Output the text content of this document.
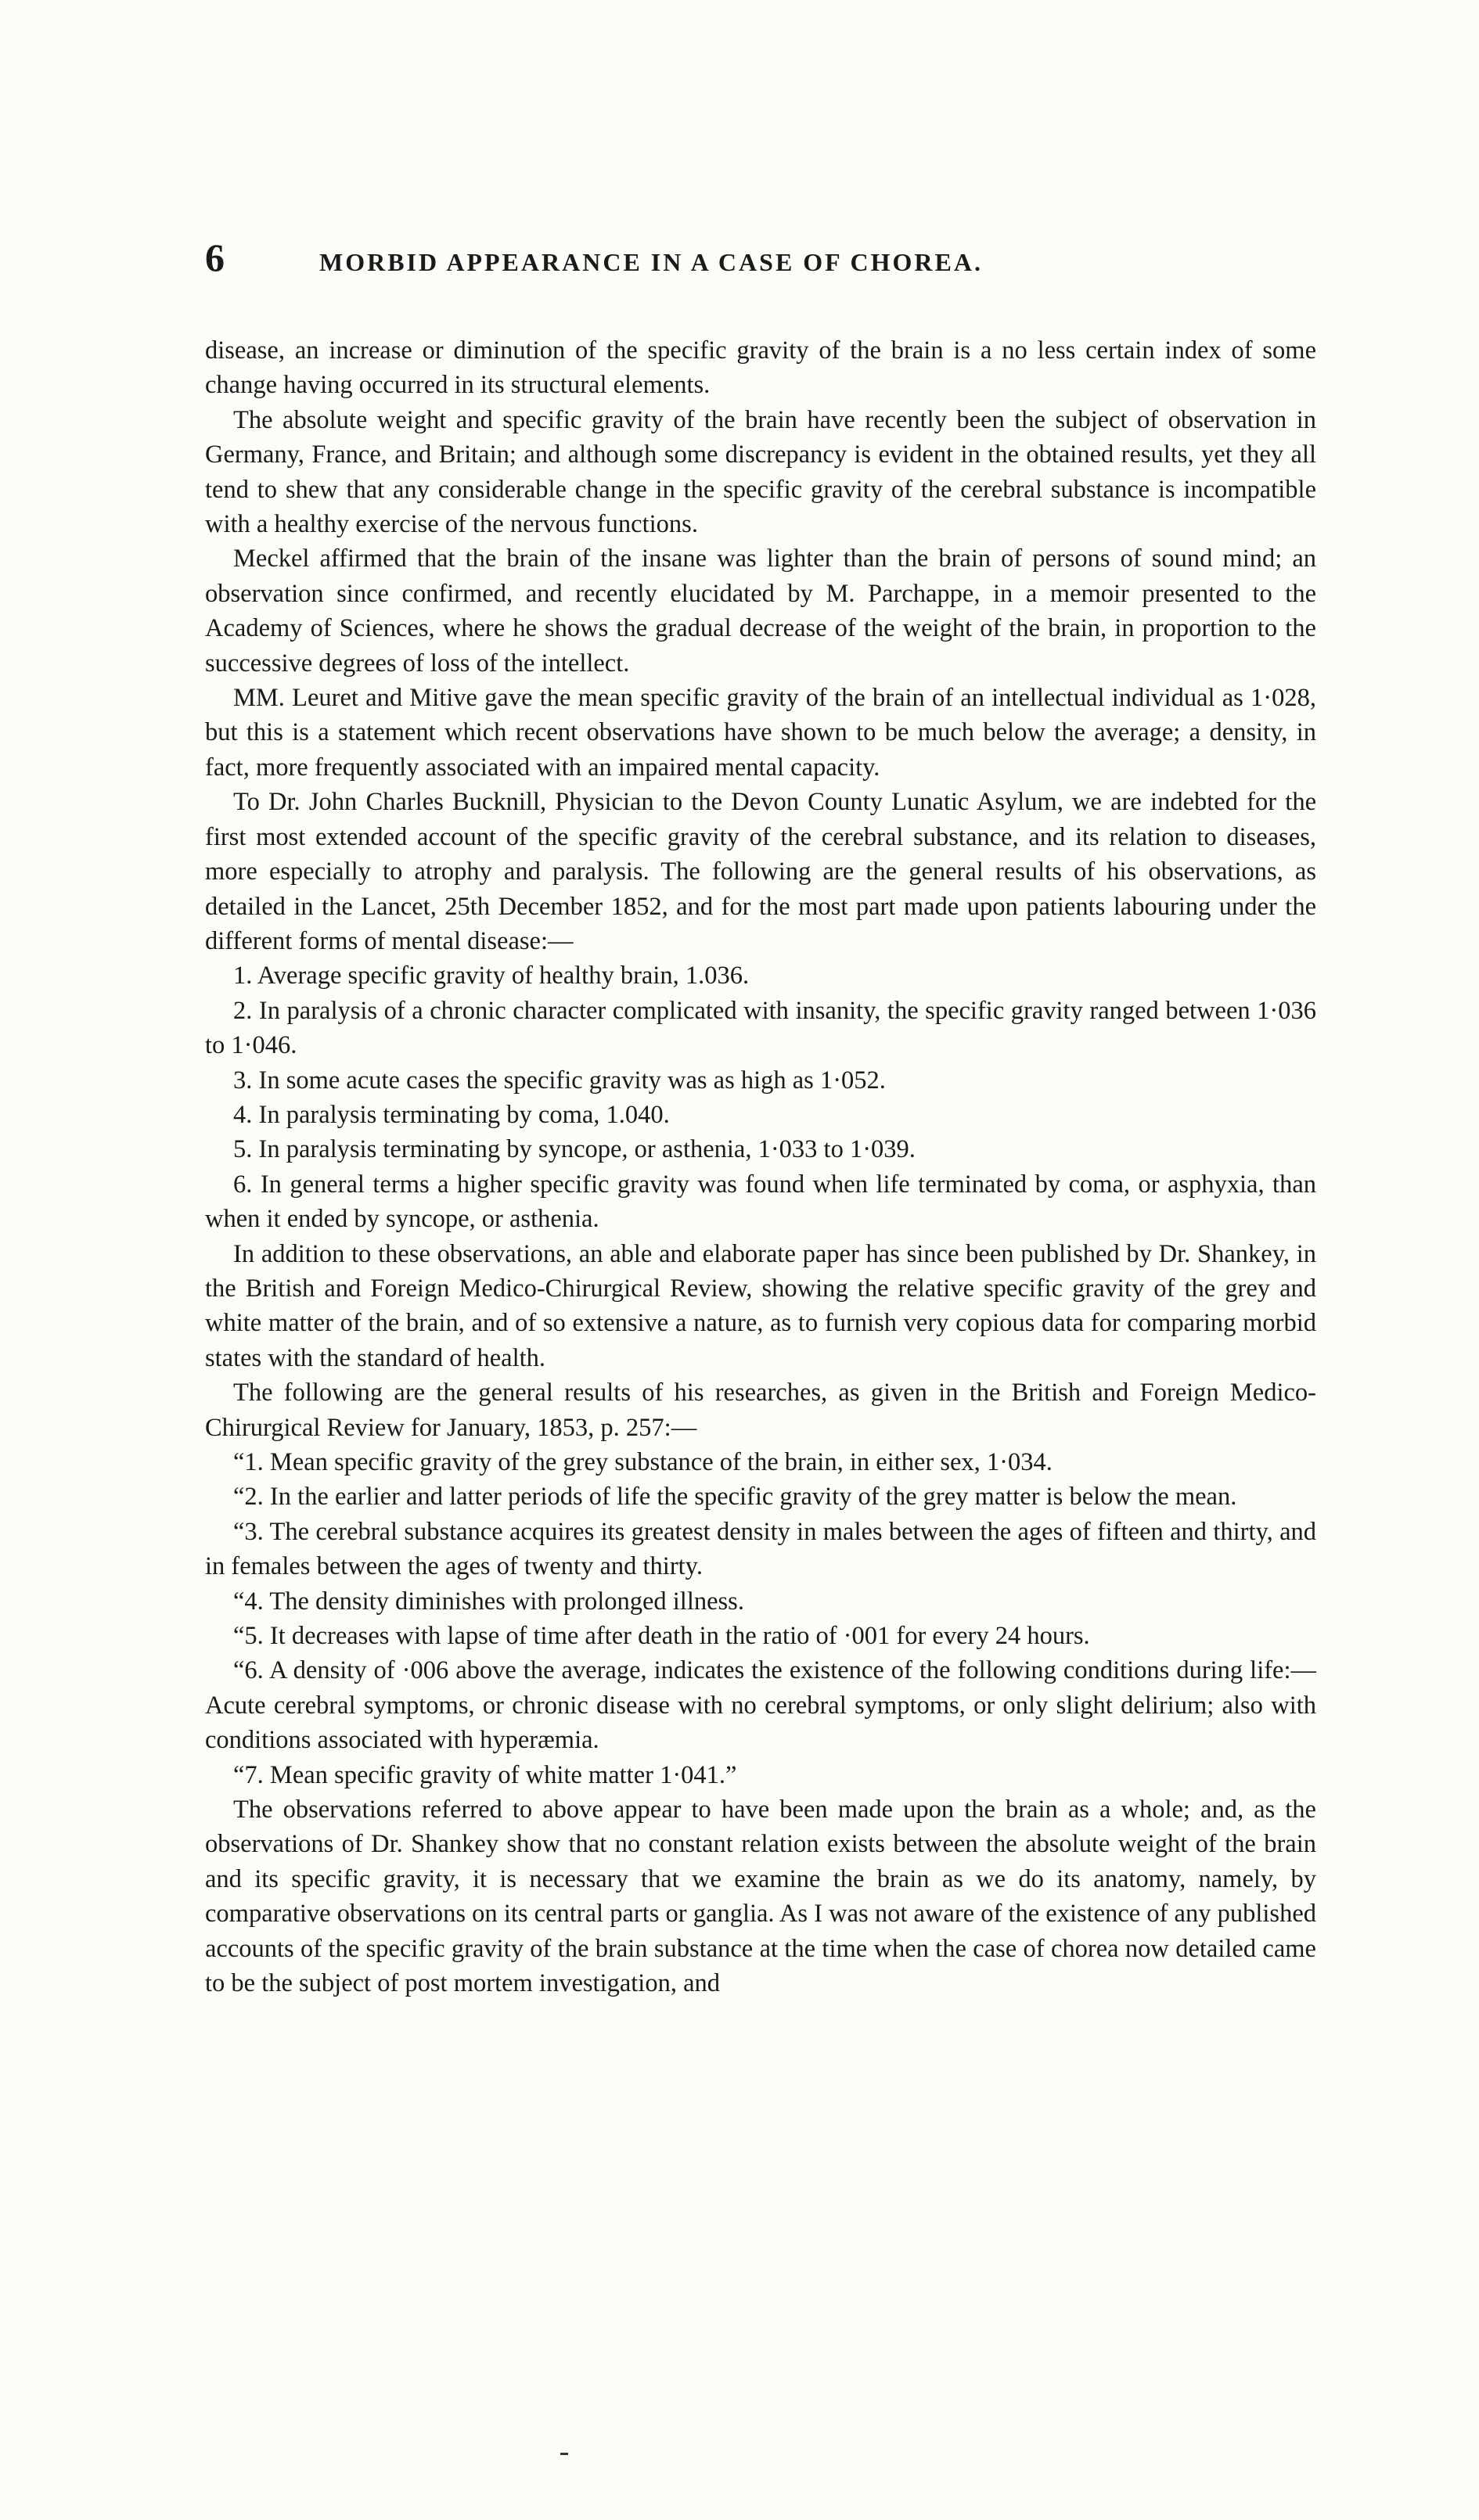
6	MORBID APPEARANCE IN A CASE OF CHOREA.

disease, an increase or diminution of the specific gravity of the brain is a no less certain index of some change having occurred in its structural elements.

The absolute weight and specific gravity of the brain have recently been the subject of observation in Germany, France, and Britain; and although some discrepancy is evident in the obtained results, yet they all tend to shew that any considerable change in the specific gravity of the cerebral substance is incompatible with a healthy exercise of the nervous functions.

Meckel affirmed that the brain of the insane was lighter than the brain of persons of sound mind; an observation since confirmed, and recently elucidated by M. Parchappe, in a memoir presented to the Academy of Sciences, where he shows the gradual decrease of the weight of the brain, in proportion to the successive degrees of loss of the intellect.

MM. Leuret and Mitive gave the mean specific gravity of the brain of an intellectual individual as 1·028, but this is a statement which recent observations have shown to be much below the average; a density, in fact, more frequently associated with an impaired mental capacity.

To Dr. John Charles Bucknill, Physician to the Devon County Lunatic Asylum, we are indebted for the first most extended account of the specific gravity of the cerebral substance, and its relation to diseases, more especially to atrophy and paralysis. The following are the general results of his observations, as detailed in the Lancet, 25th December 1852, and for the most part made upon patients labouring under the different forms of mental disease:—

1. Average specific gravity of healthy brain, 1.036.

2. In paralysis of a chronic character complicated with insanity, the specific gravity ranged between 1·036 to 1·046.

3. In some acute cases the specific gravity was as high as 1·052.

4. In paralysis terminating by coma, 1.040.

5. In paralysis terminating by syncope, or asthenia, 1·033 to 1·039.

6. In general terms a higher specific gravity was found when life terminated by coma, or asphyxia, than when it ended by syncope, or asthenia.

In addition to these observations, an able and elaborate paper has since been published by Dr. Shankey, in the British and Foreign Medico-Chirurgical Review, showing the relative specific gravity of the grey and white matter of the brain, and of so extensive a nature, as to furnish very copious data for comparing morbid states with the standard of health.

The following are the general results of his researches, as given in the British and Foreign Medico-Chirurgical Review for January, 1853, p. 257:—

“1. Mean specific gravity of the grey substance of the brain, in either sex, 1·034.

“2. In the earlier and latter periods of life the specific gravity of the grey matter is below the mean.

“3. The cerebral substance acquires its greatest density in males between the ages of fifteen and thirty, and in females between the ages of twenty and thirty.

“4. The density diminishes with prolonged illness.

“5. It decreases with lapse of time after death in the ratio of ·001 for every 24 hours.

“6. A density of ·006 above the average, indicates the existence of the following conditions during life:—Acute cerebral symptoms, or chronic disease with no cerebral symptoms, or only slight delirium; also with conditions associated with hyperæmia.

“7. Mean specific gravity of white matter 1·041.”

The observations referred to above appear to have been made upon the brain as a whole; and, as the observations of Dr. Shankey show that no constant relation exists between the absolute weight of the brain and its specific gravity, it is necessary that we examine the brain as we do its anatomy, namely, by comparative observations on its central parts or ganglia. As I was not aware of the existence of any published accounts of the specific gravity of the brain substance at the time when the case of chorea now detailed came to be the subject of post mortem investigation, and
